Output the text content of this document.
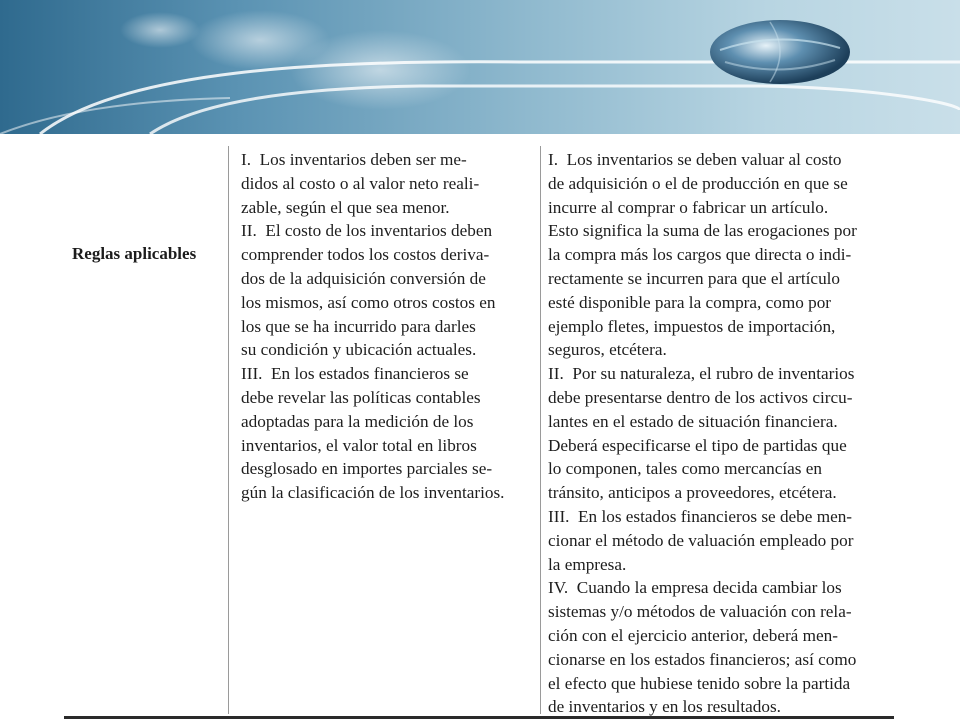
Reglas aplicables
I.  Los inventarios deben ser me-
didos al costo o al valor neto reali-
zable, según el que sea menor.
II.  El costo de los inventarios deben
comprender todos los costos deriva-
dos de la adquisición conversión de
los mismos, así como otros costos en
los que se ha incurrido para darles
su condición y ubicación actuales.
III.  En los estados financieros se
debe revelar las políticas contables
adoptadas para la medición de los
inventarios, el valor total en libros
desglosado en importes parciales se-
gún la clasificación de los inventarios.
I.  Los inventarios se deben valuar al costo
de adquisición o el de producción en que se
incurre al comprar o fabricar un artículo.
Esto significa la suma de las erogaciones por
la compra más los cargos que directa o indi-
rectamente se incurren para que el artículo
esté disponible para la compra, como por
ejemplo fletes, impuestos de importación,
seguros, etcétera.
II.  Por su naturaleza, el rubro de inventarios
debe presentarse dentro de los activos circu-
lantes en el estado de situación financiera.
Deberá especificarse el tipo de partidas que
lo componen, tales como mercancías en
tránsito, anticipos a proveedores, etcétera.
III.  En los estados financieros se debe men-
cionar el método de valuación empleado por
la empresa.
IV.  Cuando la empresa decida cambiar los
sistemas y/o métodos de valuación con rela-
ción con el ejercicio anterior, deberá men-
cionarse en los estados financieros; así como
el efecto que hubiese tenido sobre la partida
de inventarios y en los resultados.
